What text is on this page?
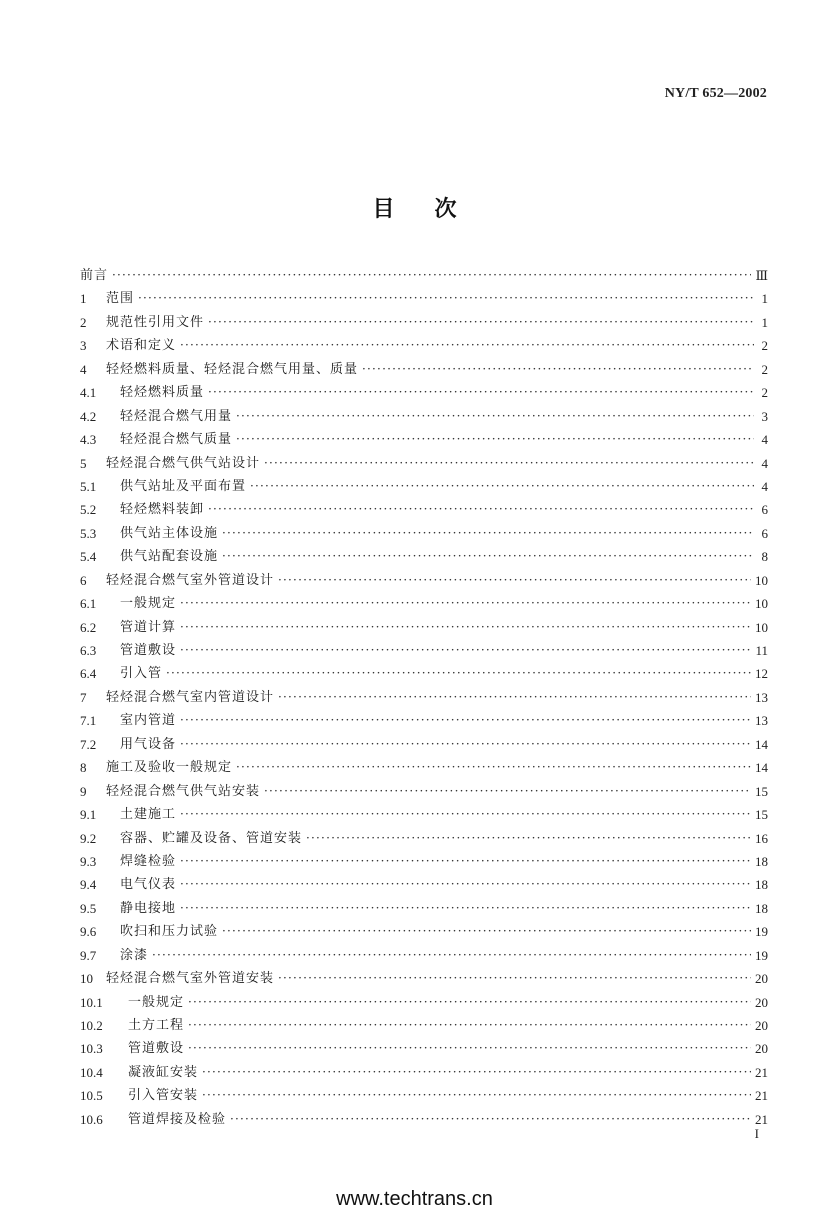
NY/T 652—2002
目 次
前言 ·····	Ⅲ
1	范围 ·····	1
2	规范性引用文件 ·····	1
3	术语和定义 ·····	2
4	轻烃燃料质量、轻烃混合燃气用量、质量 ·····	2
4.1	轻烃燃料质量 ·····	2
4.2	轻烃混合燃气用量 ·····	3
4.3	轻烃混合燃气质量 ·····	4
5	轻烃混合燃气供气站设计 ·····	4
5.1	供气站址及平面布置 ·····	4
5.2	轻烃燃料装卸 ·····	6
5.3	供气站主体设施 ·····	6
5.4	供气站配套设施 ·····	8
6	轻烃混合燃气室外管道设计 ·····	10
6.1	一般规定 ·····	10
6.2	管道计算 ·····	10
6.3	管道敷设 ·····	11
6.4	引入管 ·····	12
7	轻烃混合燃气室内管道设计 ·····	13
7.1	室内管道 ·····	13
7.2	用气设备 ·····	14
8	施工及验收一般规定 ·····	14
9	轻烃混合燃气供气站安装 ·····	15
9.1	土建施工 ·····	15
9.2	容器、贮罐及设备、管道安装 ·····	16
9.3	焊缝检验 ·····	18
9.4	电气仪表 ·····	18
9.5	静电接地 ·····	18
9.6	吹扫和压力试验 ·····	19
9.7	涂漆 ·····	19
10	轻烃混合燃气室外管道安装 ·····	20
10.1	一般规定 ·····	20
10.2	土方工程 ·····	20
10.3	管道敷设 ·····	20
10.4	凝液缸安装 ·····	21
10.5	引入管安装 ·····	21
10.6	管道焊接及检验 ·····	21
I
www.techtrans.cn
